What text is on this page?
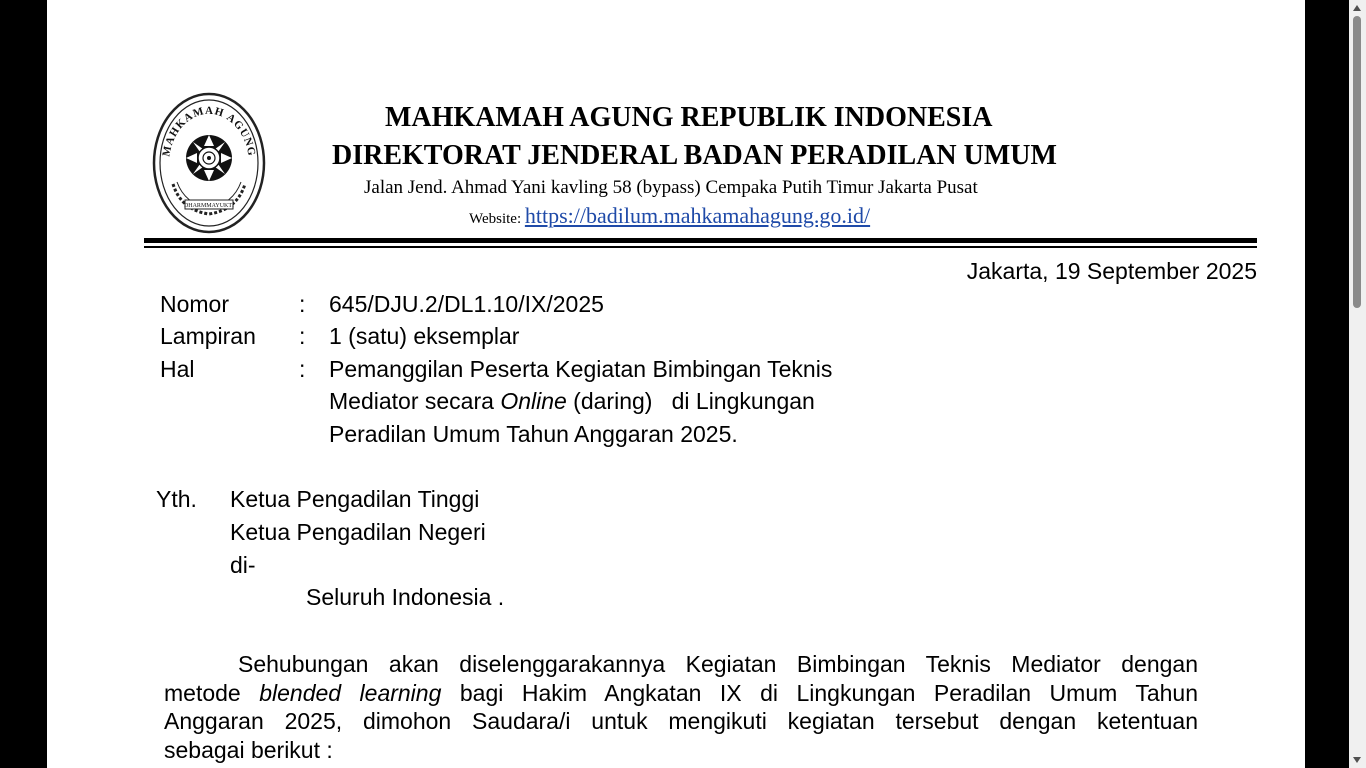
MAHKAMAH AGUNG
DHARMMAYUKTI
MAHKAMAH AGUNG REPUBLIK INDONESIA
DIREKTORAT JENDERAL BADAN PERADILAN UMUM
Jalan Jend. Ahmad Yani kavling 58 (bypass) Cempaka Putih Timur Jakarta Pusat
Website: https://badilum.mahkamahagung.go.id/
Jakarta, 19 September 2025
Nomor	: 645/DJU.2/DL1.10/IX/2025
Lampiran : 1 (satu) eksemplar
Hal	: Pemanggilan Peserta Kegiatan Bimbingan Teknis
Mediator secara Online (daring)   di Lingkungan
Peradilan Umum Tahun Anggaran 2025.
Yth. Ketua Pengadilan Tinggi
Ketua Pengadilan Negeri
di-
Seluruh Indonesia .
Sehubungan akan diselenggarakannya Kegiatan Bimbingan Teknis Mediator dengan
metode blended learning bagi Hakim Angkatan IX di Lingkungan Peradilan Umum Tahun
Anggaran 2025, dimohon Saudara/i untuk mengikuti kegiatan tersebut dengan ketentuan
sebagai berikut :
